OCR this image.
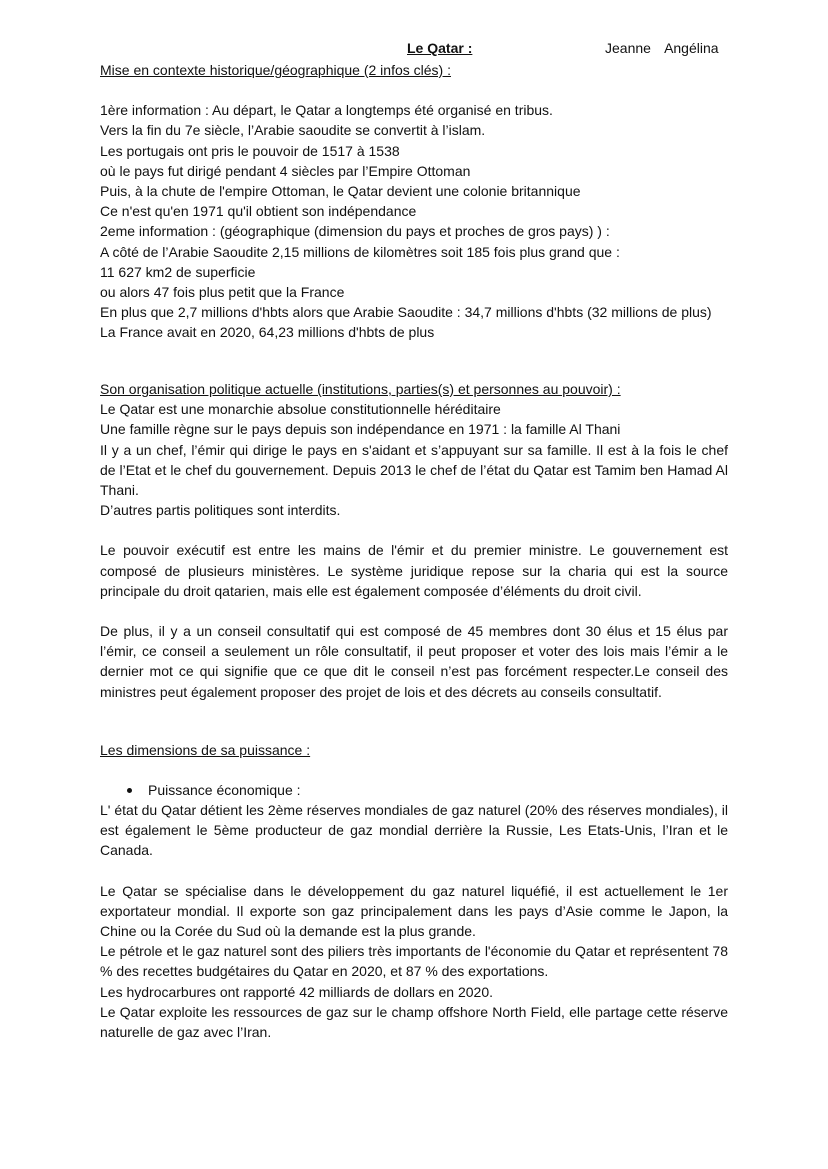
Le Qatar :	Jeanne Angélina
Mise en contexte historique/géographique (2 infos clés) :
1ère information : Au départ, le Qatar a longtemps été organisé en tribus.
Vers la fin du 7e siècle, l’Arabie saoudite se convertit à l’islam.
Les portugais ont pris le pouvoir de 1517 à 1538
où le pays fut dirigé pendant 4 siècles par l’Empire Ottoman
Puis, à la chute de l'empire Ottoman, le Qatar devient une colonie britannique
Ce n'est qu'en 1971 qu'il obtient son indépendance
2eme information : (géographique (dimension du pays et proches de gros pays) ) :
A côté de l’Arabie Saoudite 2,15 millions de kilomètres soit 185 fois plus grand que :
11 627 km2 de superficie
ou alors 47 fois plus petit que la France
En plus que 2,7 millions d'hbts alors que Arabie Saoudite : 34,7 millions d'hbts (32 millions de plus)
La France avait en 2020, 64,23 millions d'hbts de plus
Son organisation politique actuelle (institutions, parties(s) et personnes au pouvoir) :
Le Qatar est une monarchie absolue constitutionnelle héréditaire
Une famille règne sur le pays depuis son indépendance en 1971 : la famille Al Thani
Il y a un chef, l’émir qui dirige le pays en s'aidant et s’appuyant sur sa famille. Il est à la fois le chef de l’Etat et le chef du gouvernement. Depuis 2013 le chef de l’état du Qatar est Tamim ben Hamad Al Thani.
D’autres partis politiques sont interdits.
Le pouvoir exécutif est entre les mains de l'émir et du premier ministre. Le gouvernement est composé de plusieurs ministères. Le système juridique repose sur la charia qui est la source principale du droit qatarien, mais elle est également composée d’éléments du droit civil.
De plus, il y a un conseil consultatif qui est composé de 45 membres dont 30 élus et 15 élus par l’émir, ce conseil a seulement un rôle consultatif, il peut proposer et voter des lois mais l’émir a le dernier mot ce qui signifie que ce que dit le conseil n’est pas forcément respecter.Le conseil des ministres peut également proposer des projet de lois et des décrets au conseils consultatif.
Les dimensions de sa puissance :
Puissance économique :
L' état du Qatar détient les 2ème réserves mondiales de gaz naturel (20% des réserves mondiales), il est également le 5ème producteur de gaz mondial derrière la Russie, Les Etats-Unis, l’Iran et le Canada.
Le Qatar se spécialise dans le développement du gaz naturel liquéfié, il est actuellement le 1er exportateur mondial. Il exporte son gaz principalement dans les pays d’Asie comme le Japon, la Chine ou la Corée du Sud où la demande est la plus grande.
Le pétrole et le gaz naturel sont des piliers très importants de l'économie du Qatar et représentent 78 % des recettes budgétaires du Qatar en 2020, et 87 % des exportations.
Les hydrocarbures ont rapporté 42 milliards de dollars en 2020.
Le Qatar exploite les ressources de gaz sur le champ offshore North Field, elle partage cette réserve naturelle de gaz avec l’Iran.
